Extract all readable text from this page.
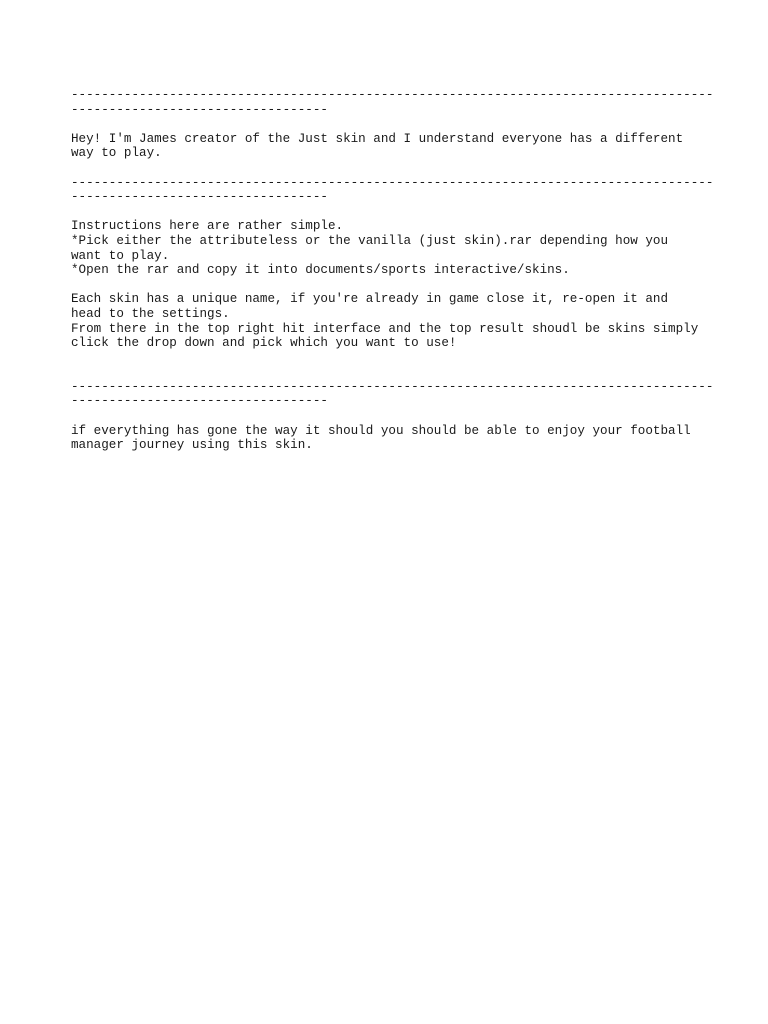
-------------------------------------------------------------------------------------
----------------------------------
Hey! I'm James creator of the Just skin and I understand everyone has a different
way to play.
-------------------------------------------------------------------------------------
----------------------------------
Instructions here are rather simple.
*Pick either the attributeless or the vanilla (just skin).rar depending how you
want to play.
*Open the rar and copy it into documents/sports interactive/skins.
Each skin has a unique name, if you're already in game close it, re-open it and
head to the settings.
From there in the top right hit interface and the top result shoudl be skins simply
click the drop down and pick which you want to use!
-------------------------------------------------------------------------------------
----------------------------------
if everything has gone the way it should you should be able to enjoy your football
manager journey using this skin.
